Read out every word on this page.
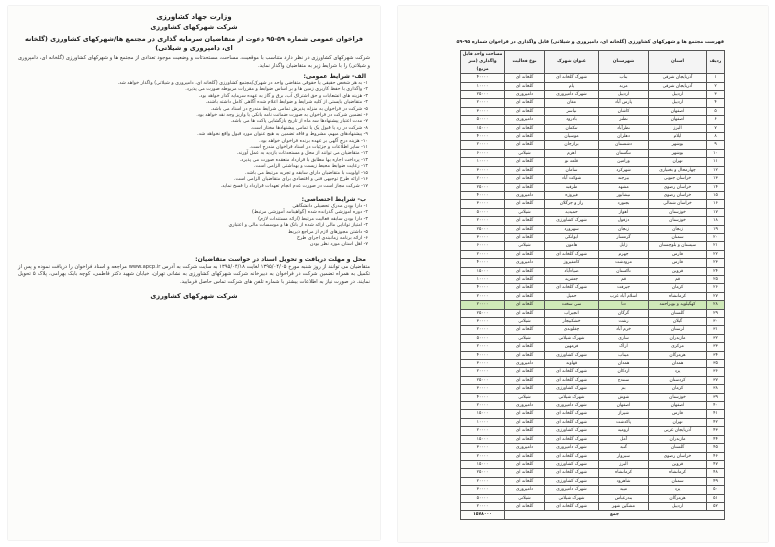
وزارت جهاد کشاورزی
شرکت شهرکهای کشاورزی
فراخوان عمومی شماره ۵۹-۹۵ دعوت از متقاضیان سرمایه گذاری در مجتمع ها/شهرکهای کشاورزی (گلخانه ای، دامپروری و شیلاتی)
شرکت شهرکهای کشاورزی در نظر دارد متناسب با موقعیت، مساحت، مستحدثات و وضعیت موجود تعدادی از مجتمع ها و شهرکهای کشاورزی (گلخانه ای، دامپروری و شیلاتی) را با شرایط زیر به متقاضیان واگذار نماید.
الف- شرایط عمومی:
۱- به هر شخص حقیقی یا حقوقی متقاضی واحد در شهرک/مجتمع کشاورزی (گلخانه ای، دامپروری و شیلاتی) واگذار خواهد شد.
۲- واگذاری با حفظ کاربری زمین ها و بر اساس ضوابط و مقررات مربوطه صورت می پذیرد.
۳- هزینه های انشعابات و حق اشتراک آب، برق و گاز به عهده سرمایه گذار خواهد بود.
۴- متقاضیان بایستی از کلیه شرایط و ضوابط اعلام شده آگاهی کامل داشته باشند.
۵- شرکت در فراخوان به منزله پذیرش تمامی شرایط مندرج در اسناد می باشد.
۶- تضمین شرکت در فراخوان به صورت ضمانت نامه بانکی یا واریز وجه نقد خواهد بود.
۷- مدت اعتبار پیشنهادها سه ماه از تاریخ بازگشایی پاکت ها می باشد.
۸- شرکت در رد یا قبول یک یا تمامی پیشنهادها مختار است.
۹- پیشنهادهای مبهم، مشروط و فاقد تضمین به هیچ عنوان مورد قبول واقع نخواهد شد.
۱۰- هزینه درج آگهی بر عهده برنده فراخوان خواهد بود.
۱۱- سایر اطلاعات و جزئیات در اسناد فراخوان مندرج است.
۱۲- متقاضیان می توانند از محل و مستحدثات بازدید به عمل آورند.
۱۳- پرداخت اجاره بها مطابق با قرارداد منعقده صورت می پذیرد.
۱۴- رعایت ضوابط محیط زیست و بهداشتی الزامی است.
۱۵- اولویت با متقاضیان دارای سابقه و تجربه مرتبط می باشد.
۱۶- ارائه طرح توجیهی فنی و اقتصادی برای متقاضیان الزامی است.
۱۷- شرکت مجاز است در صورت عدم انجام تعهدات قرارداد را فسخ نماید.
ب- شرایط اختصاصی:
۱- دارا بودن مدرک تحصیلی دانشگاهی
۲- دوره آموزشی گذرانده شده (گواهینامه آموزشی مرتبط)
۳- دارا بودن سابقه فعالیت مرتبط (ارائه مستندات لازم)
۴- امتیاز توانایی مالی ارائه شده از بانک ها و موسسات مالی و اعتباری
۵- داشتن مجوزهای لازم از مراجع ذیربط
۶- ارائه برنامه زمانبندی اجرای طرح
۷- اهل استان مورد نظر بودن
محل و مهلت دریافت و تحویل اسناد در خواست متقاضیان:
متقاضیان می توانند از روز شنبه مورخ ۱۳۹۵/۰۴/۰۵ لغایت ۱۳۹۵/۰۴/۱۸ به سایت شرکت به آدرس www.apcp.ir مراجعه و اسناد فراخوان را دریافت نموده و پس از تکمیل به همراه تضمین شرکت در فراخوان به دبیرخانه شرکت شهرکهای کشاورزی به نشانی تهران، خیابان شهید دکتر فاطمی، کوچه بابک بهرامی، پلاک ۵ تحویل نمایند. در صورت نیاز به اطلاعات بیشتر با شماره تلفن های شرکت تماس حاصل فرمایید.
شرکت شهرکهای کشاورزی
فهرست مجتمع ها و شهرکهای کشاورزی (گلخانه ای، دامپروری و شیلاتی) قابل واگذاری در فراخوان شماره ۹۵-۵۹
ردیف	استان	شهرستان	عنوان شهرک	نوع فعالیت	مساحت واحد قابل واگذاری (متر مربع)
۱	آذربایجان شرقی	بناب	شهرک گلخانه ای	گلخانه ای	۴۰۰۰۰
۲	آذربایجان شرقی	مرند	یام	گلخانه ای	۱۰۰۰۰
۳	اردبیل	اردبیل	شهرک دامپروری	دامپروری	۲۵۰۰۰
۴	اردبیل	پارس آباد	مغان	گلخانه ای	۲۰۰۰۰
۵	اصفهان	کاشان	نیاسر	گلخانه ای	۳۰۰۰۰
۶	اصفهان	نطنز	بادرود	دامپروری	۵۰۰۰۰
۷	البرز	نظرآباد	تنکمان	گلخانه ای	۱۵۰۰۰
۸	ایلام	دهلران	موسیان	گلخانه ای	۴۰۰۰۰
۹	بوشهر	دشتستان	برازجان	گلخانه ای	۲۰۰۰۰
۱۰	بوشهر	تنگستان	اهرم	شیلاتی	۶۰۰۰۰
۱۱	تهران	ورامین	قلعه نو	گلخانه ای	۱۰۰۰۰
۱۲	چهارمحال و بختیاری	شهرکرد	سامان	گلخانه ای	۳۰۰۰۰
۱۳	خراسان جنوبی	بیرجند	شوکت آباد	گلخانه ای	۲۰۰۰۰
۱۴	خراسان رضوی	مشهد	طرقبه	گلخانه ای	۲۵۰۰۰
۱۵	خراسان رضوی	نیشابور	فیروزه	دامپروری	۴۰۰۰۰
۱۶	خراسان شمالی	بجنورد	راز و جرگلان	گلخانه ای	۳۰۰۰۰
۱۷	خوزستان	اهواز	حمیدیه	شیلاتی	۵۰۰۰۰
۱۸	خوزستان	دزفول	شهرک کشاورزی	گلخانه ای	۲۰۰۰۰
۱۹	زنجان	زنجان	سهرورد	گلخانه ای	۲۵۰۰۰
۲۰	سمنان	گرمسار	ایوانکی	گلخانه ای	۳۰۰۰۰
۲۱	سیستان و بلوچستان	زابل	هامون	شیلاتی	۶۰۰۰۰
۲۲	فارس	جهرم	شهرک گلخانه ای	گلخانه ای	۲۰۰۰۰
۲۳	فارس	مرودشت	کامفیروز	دامپروری	۴۰۰۰۰
۲۴	قزوین	تاکستان	ضیاءآباد	گلخانه ای	۱۵۰۰۰
۲۵	قم	قم	جعفریه	گلخانه ای	۱۰۰۰۰
۲۶	کرمان	جیرفت	شهرک گلخانه ای	گلخانه ای	۴۰۰۰۰
۲۷	کرمانشاه	اسلام آباد غرب	حمیل	گلخانه ای	۲۰۰۰۰
۲۸	کهگیلویه و بویراحمد	دنا	سی سخت	گلخانه ای	۲۰۰۰۰
۲۹	گلستان	گرگان	انجیراب	گلخانه ای	۲۵۰۰۰
۳۰	گیلان	رشت	خشکبیجار	شیلاتی	۳۰۰۰۰
۳۱	لرستان	خرم آباد	چغلوندی	گلخانه ای	۲۰۰۰۰
۳۲	مازندران	ساری	شهرک شیلاتی	شیلاتی	۵۰۰۰۰
۳۳	مرکزی	اراک	فرمهین	گلخانه ای	۲۰۰۰۰
۳۴	هرمزگان	میناب	شهرک کشاورزی	گلخانه ای	۴۰۰۰۰
۳۵	همدان	همدان	قهاوند	دامپروری	۳۰۰۰۰
۳۶	یزد	اردکان	شهرک گلخانه ای	گلخانه ای	۲۰۰۰۰
۳۷	کردستان	سنندج	شهرک گلخانه ای	گلخانه ای	۲۵۰۰۰
۳۸	کرمان	بم	شهرک کشاورزی	گلخانه ای	۳۰۰۰۰
۳۹	خوزستان	شوش	شهرک شیلاتی	شیلاتی	۴۰۰۰۰
۴۰	اصفهان	اصفهان	شهرک دامپروری	دامپروری	۲۰۰۰۰
۴۱	فارس	شیراز	شهرک گلخانه ای	گلخانه ای	۱۵۰۰۰
۴۲	تهران	پاکدشت	شهرک گلخانه ای	گلخانه ای	۱۰۰۰۰
۴۳	آذربایجان غربی	ارومیه	شهرک کشاورزی	گلخانه ای	۲۰۰۰۰
۴۴	مازندران	آمل	شهرک گلخانه ای	گلخانه ای	۱۵۰۰۰
۴۵	گلستان	گنبد	شهرک دامپروری	دامپروری	۳۰۰۰۰
۴۶	خراسان رضوی	سبزوار	شهرک گلخانه ای	گلخانه ای	۲۰۰۰۰
۴۷	قزوین	البرز	شهرک کشاورزی	گلخانه ای	۱۵۰۰۰
۴۸	کرمانشاه	کرمانشاه	شهرک گلخانه ای	گلخانه ای	۲۵۰۰۰
۴۹	سمنان	شاهرود	شهرک کشاورزی	گلخانه ای	۲۰۰۰۰
۵۰	یزد	میبد	شهرک دامپروری	دامپروری	۳۰۰۰۰
۵۱	هرمزگان	بندرعباس	شهرک شیلاتی	شیلاتی	۵۰۰۰۰
۵۲	اردبیل	مشگین شهر	شهرک گلخانه ای	گلخانه ای	۲۰۰۰۰
جمع					۱۵۷۸۰۰۰
